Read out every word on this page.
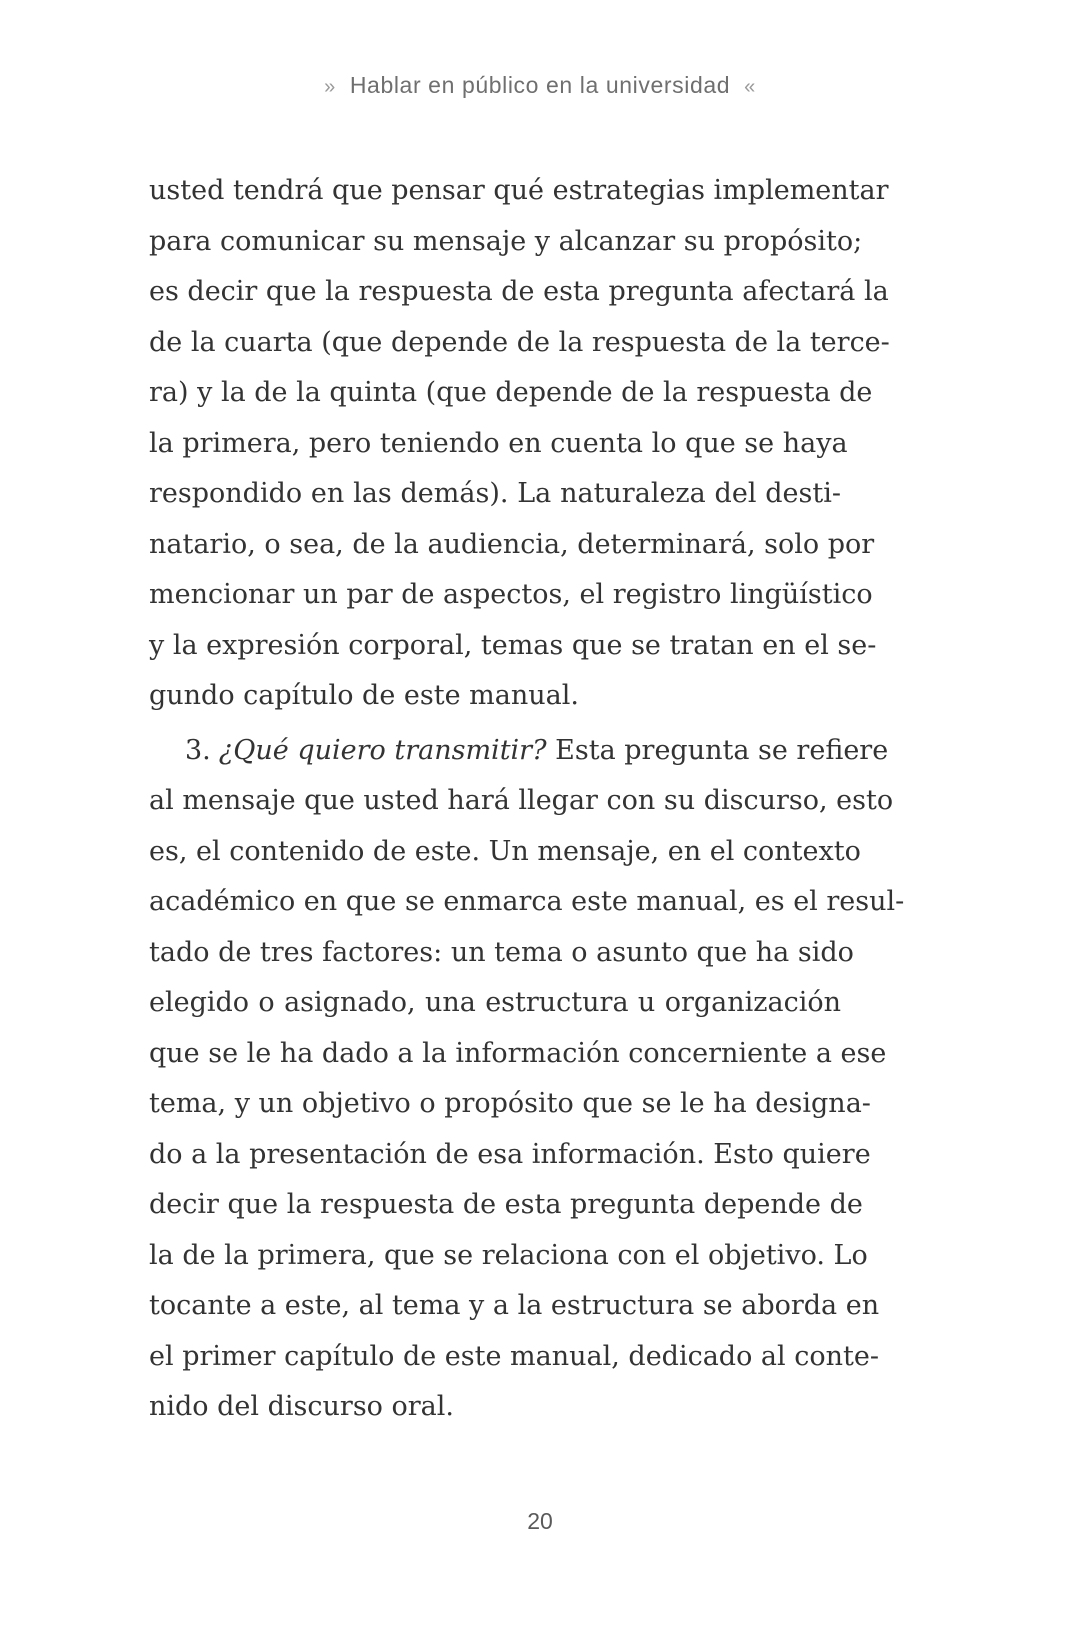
» Hablar en público en la universidad «
usted tendrá que pensar qué estrategias implementar
para comunicar su mensaje y alcanzar su propósito;
es decir que la respuesta de esta pregunta afectará la
de la cuarta (que depende de la respuesta de la terce-
ra) y la de la quinta (que depende de la respuesta de
la primera, pero teniendo en cuenta lo que se haya
respondido en las demás). La naturaleza del desti-
natario, o sea, de la audiencia, determinará, solo por
mencionar un par de aspectos, el registro lingüístico
y la expresión corporal, temas que se tratan en el se-
gundo capítulo de este manual.
3. ¿Qué quiero transmitir? Esta pregunta se refiere
al mensaje que usted hará llegar con su discurso, esto
es, el contenido de este. Un mensaje, en el contexto
académico en que se enmarca este manual, es el resul-
tado de tres factores: un tema o asunto que ha sido
elegido o asignado, una estructura u organización
que se le ha dado a la información concerniente a ese
tema, y un objetivo o propósito que se le ha designa-
do a la presentación de esa información. Esto quiere
decir que la respuesta de esta pregunta depende de
la de la primera, que se relaciona con el objetivo. Lo
tocante a este, al tema y a la estructura se aborda en
el primer capítulo de este manual, dedicado al conte-
nido del discurso oral.
20
